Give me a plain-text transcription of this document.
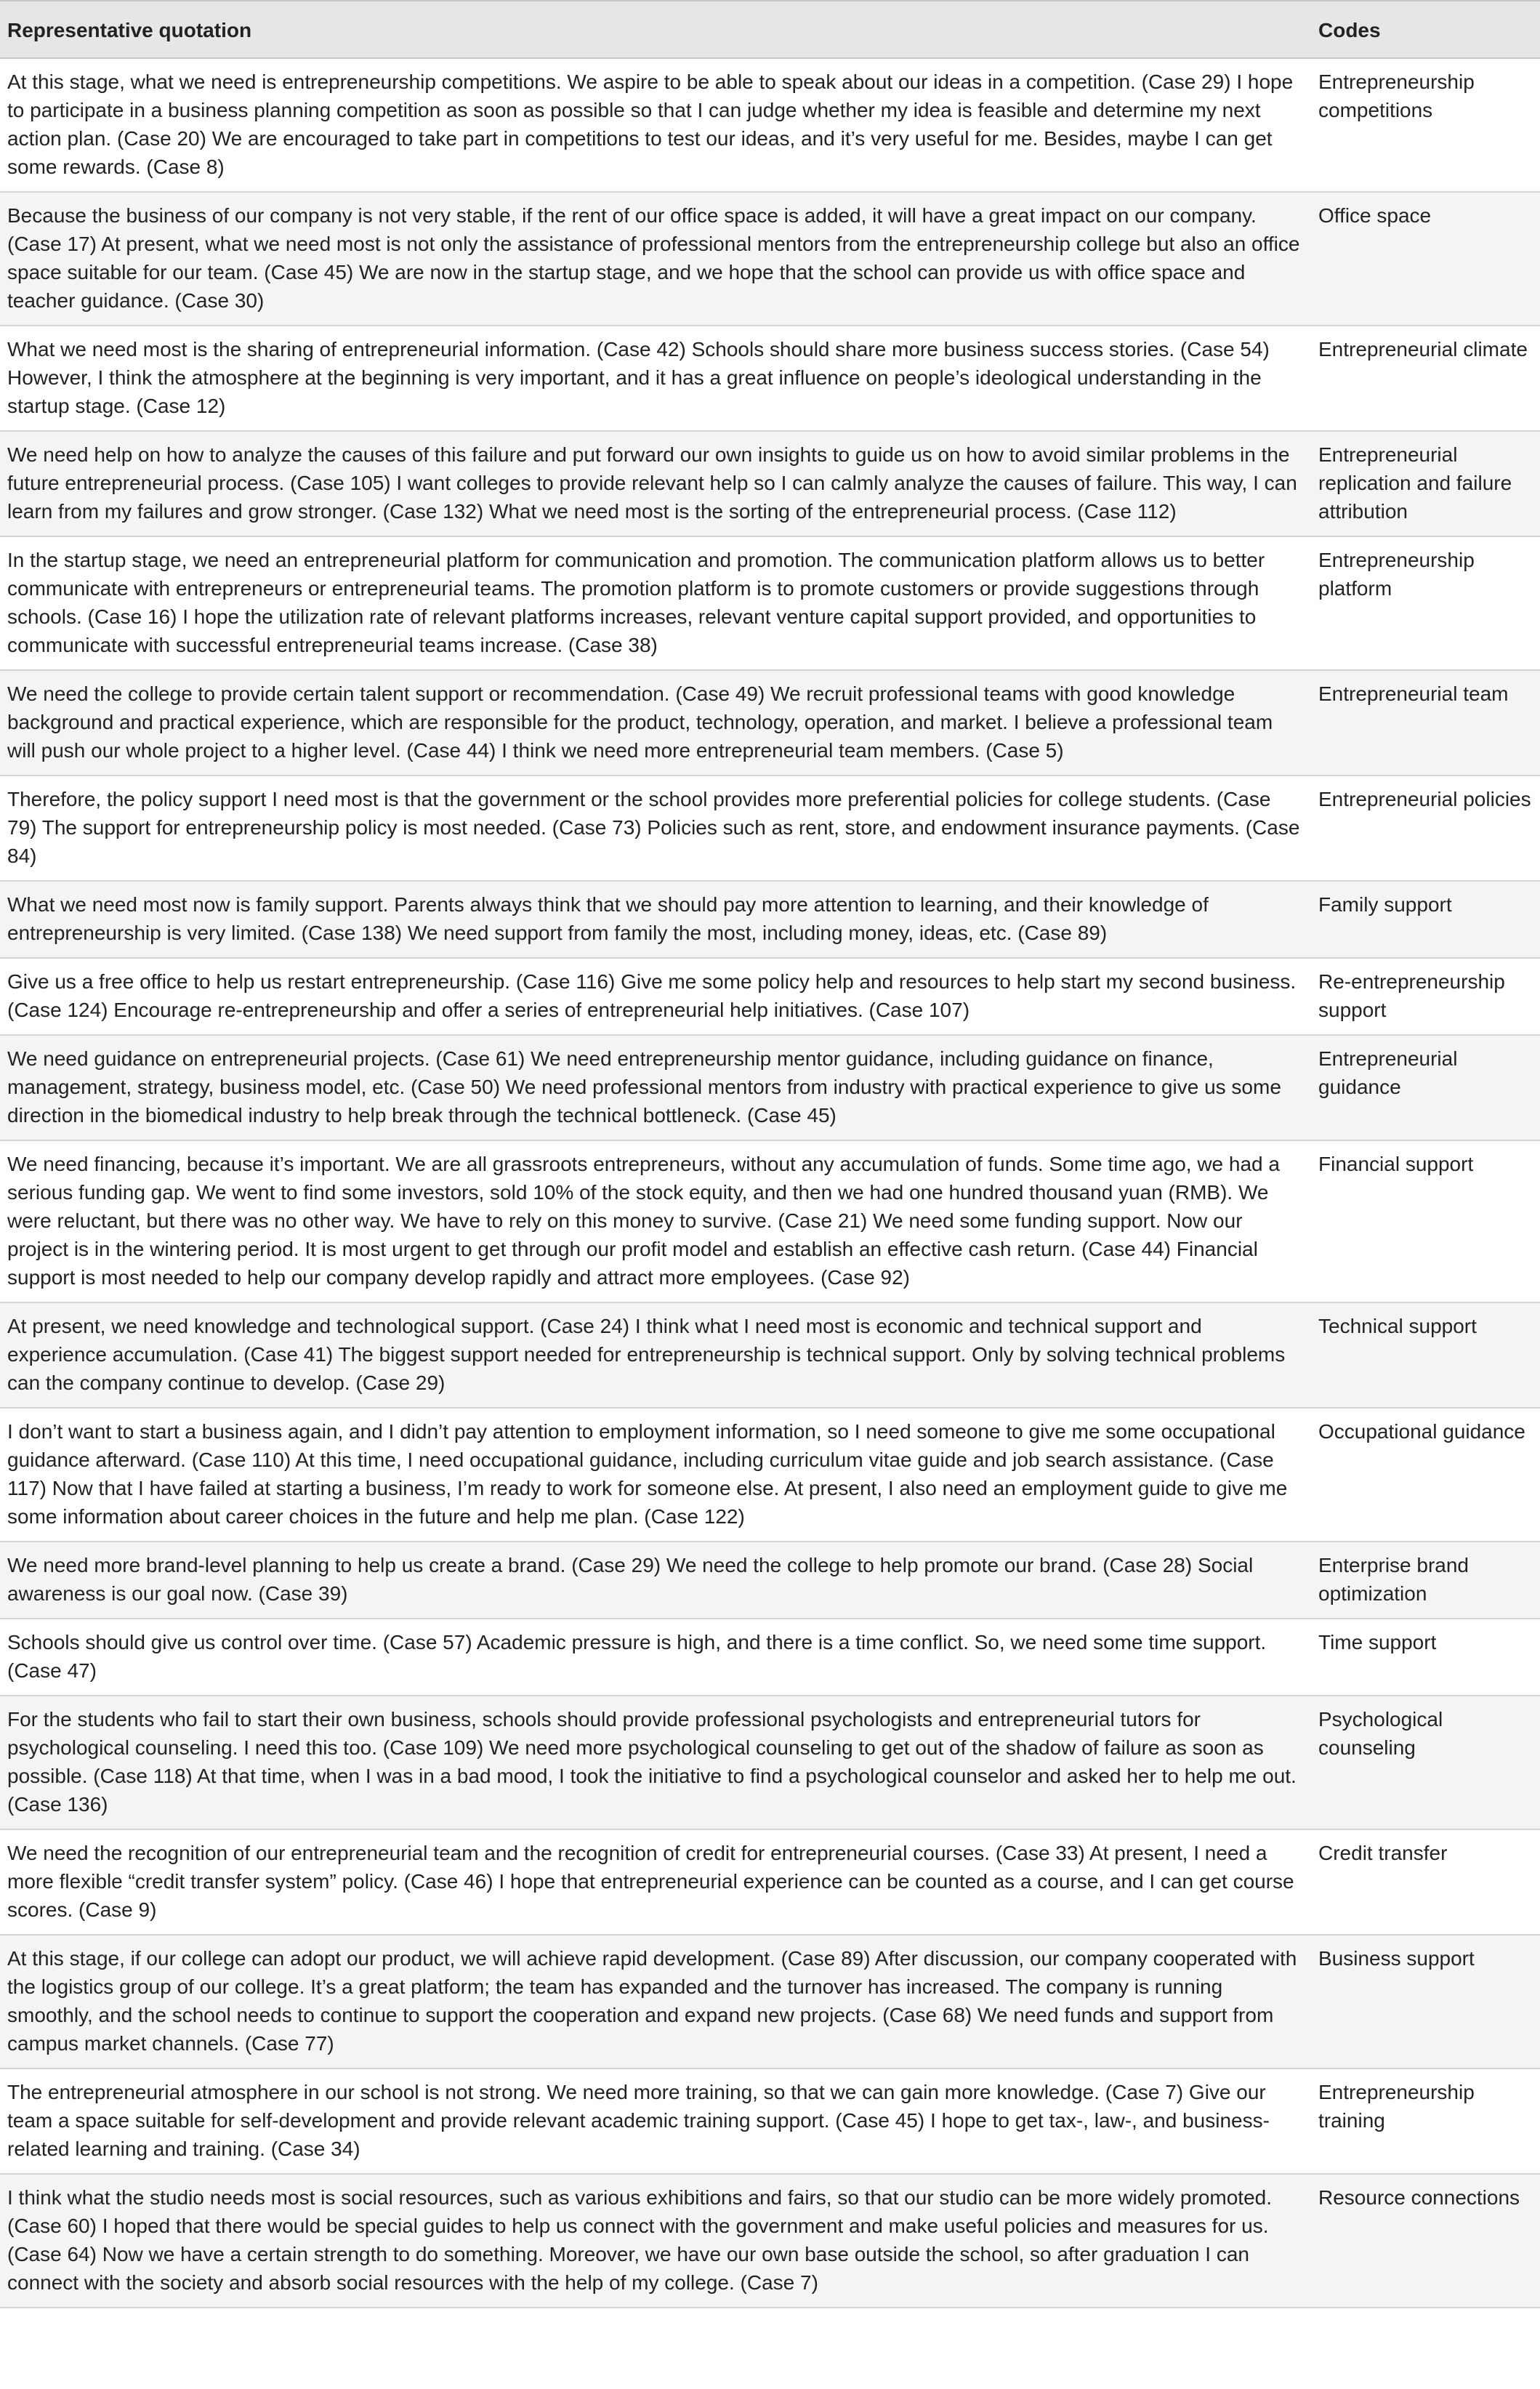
Representative quotation	Codes
At this stage, what we need is entrepreneurship competitions. We aspire to be able to speak about our ideas in a competition. (Case 29) I hope to participate in a business planning competition as soon as possible so that I can judge whether my idea is feasible and determine my next action plan. (Case 20) We are encouraged to take part in competitions to test our ideas, and it’s very useful for me. Besides, maybe I can get some rewards. (Case 8)	Entrepreneurship competitions
Because the business of our company is not very stable, if the rent of our office space is added, it will have a great impact on our company. (Case 17) At present, what we need most is not only the assistance of professional mentors from the entrepreneurship college but also an office space suitable for our team. (Case 45) We are now in the startup stage, and we hope that the school can provide us with office space and teacher guidance. (Case 30)	Office space
What we need most is the sharing of entrepreneurial information. (Case 42) Schools should share more business success stories. (Case 54) However, I think the atmosphere at the beginning is very important, and it has a great influence on people’s ideological understanding in the startup stage. (Case 12)	Entrepreneurial climate
We need help on how to analyze the causes of this failure and put forward our own insights to guide us on how to avoid similar problems in the future entrepreneurial process. (Case 105) I want colleges to provide relevant help so I can calmly analyze the causes of failure. This way, I can learn from my failures and grow stronger. (Case 132) What we need most is the sorting of the entrepreneurial process. (Case 112)	Entrepreneurial replication and failure attribution
In the startup stage, we need an entrepreneurial platform for communication and promotion. The communication platform allows us to better communicate with entrepreneurs or entrepreneurial teams. The promotion platform is to promote customers or provide suggestions through schools. (Case 16) I hope the utilization rate of relevant platforms increases, relevant venture capital support provided, and opportunities to communicate with successful entrepreneurial teams increase. (Case 38)	Entrepreneurship platform
We need the college to provide certain talent support or recommendation. (Case 49) We recruit professional teams with good knowledge background and practical experience, which are responsible for the product, technology, operation, and market. I believe a professional team will push our whole project to a higher level. (Case 44) I think we need more entrepreneurial team members. (Case 5)	Entrepreneurial team
Therefore, the policy support I need most is that the government or the school provides more preferential policies for college students. (Case 79) The support for entrepreneurship policy is most needed. (Case 73) Policies such as rent, store, and endowment insurance payments. (Case 84)	Entrepreneurial policies
What we need most now is family support. Parents always think that we should pay more attention to learning, and their knowledge of entrepreneurship is very limited. (Case 138) We need support from family the most, including money, ideas, etc. (Case 89)	Family support
Give us a free office to help us restart entrepreneurship. (Case 116) Give me some policy help and resources to help start my second business. (Case 124) Encourage re-entrepreneurship and offer a series of entrepreneurial help initiatives. (Case 107)	Re-entrepreneurship support
We need guidance on entrepreneurial projects. (Case 61) We need entrepreneurship mentor guidance, including guidance on finance, management, strategy, business model, etc. (Case 50) We need professional mentors from industry with practical experience to give us some direction in the biomedical industry to help break through the technical bottleneck. (Case 45)	Entrepreneurial guidance
We need financing, because it’s important. We are all grassroots entrepreneurs, without any accumulation of funds. Some time ago, we had a serious funding gap. We went to find some investors, sold 10% of the stock equity, and then we had one hundred thousand yuan (RMB). We were reluctant, but there was no other way. We have to rely on this money to survive. (Case 21) We need some funding support. Now our project is in the wintering period. It is most urgent to get through our profit model and establish an effective cash return. (Case 44) Financial support is most needed to help our company develop rapidly and attract more employees. (Case 92)	Financial support
At present, we need knowledge and technological support. (Case 24) I think what I need most is economic and technical support and experience accumulation. (Case 41) The biggest support needed for entrepreneurship is technical support. Only by solving technical problems can the company continue to develop. (Case 29)	Technical support
I don’t want to start a business again, and I didn’t pay attention to employment information, so I need someone to give me some occupational guidance afterward. (Case 110) At this time, I need occupational guidance, including curriculum vitae guide and job search assistance. (Case 117) Now that I have failed at starting a business, I’m ready to work for someone else. At present, I also need an employment guide to give me some information about career choices in the future and help me plan. (Case 122)	Occupational guidance
We need more brand-level planning to help us create a brand. (Case 29) We need the college to help promote our brand. (Case 28) Social awareness is our goal now. (Case 39)	Enterprise brand optimization
Schools should give us control over time. (Case 57) Academic pressure is high, and there is a time conflict. So, we need some time support. (Case 47)	Time support
For the students who fail to start their own business, schools should provide professional psychologists and entrepreneurial tutors for psychological counseling. I need this too. (Case 109) We need more psychological counseling to get out of the shadow of failure as soon as possible. (Case 118) At that time, when I was in a bad mood, I took the initiative to find a psychological counselor and asked her to help me out. (Case 136)	Psychological counseling
We need the recognition of our entrepreneurial team and the recognition of credit for entrepreneurial courses. (Case 33) At present, I need a more flexible “credit transfer system” policy. (Case 46) I hope that entrepreneurial experience can be counted as a course, and I can get course scores. (Case 9)	Credit transfer
At this stage, if our college can adopt our product, we will achieve rapid development. (Case 89) After discussion, our company cooperated with the logistics group of our college. It’s a great platform; the team has expanded and the turnover has increased. The company is running smoothly, and the school needs to continue to support the cooperation and expand new projects. (Case 68) We need funds and support from campus market channels. (Case 77)	Business support
The entrepreneurial atmosphere in our school is not strong. We need more training, so that we can gain more knowledge. (Case 7) Give our team a space suitable for self-development and provide relevant academic training support. (Case 45) I hope to get tax-, law-, and business-related learning and training. (Case 34)	Entrepreneurship training
I think what the studio needs most is social resources, such as various exhibitions and fairs, so that our studio can be more widely promoted. (Case 60) I hoped that there would be special guides to help us connect with the government and make useful policies and measures for us. (Case 64) Now we have a certain strength to do something. Moreover, we have our own base outside the school, so after graduation I can connect with the society and absorb social resources with the help of my college. (Case 7)	Resource connections
